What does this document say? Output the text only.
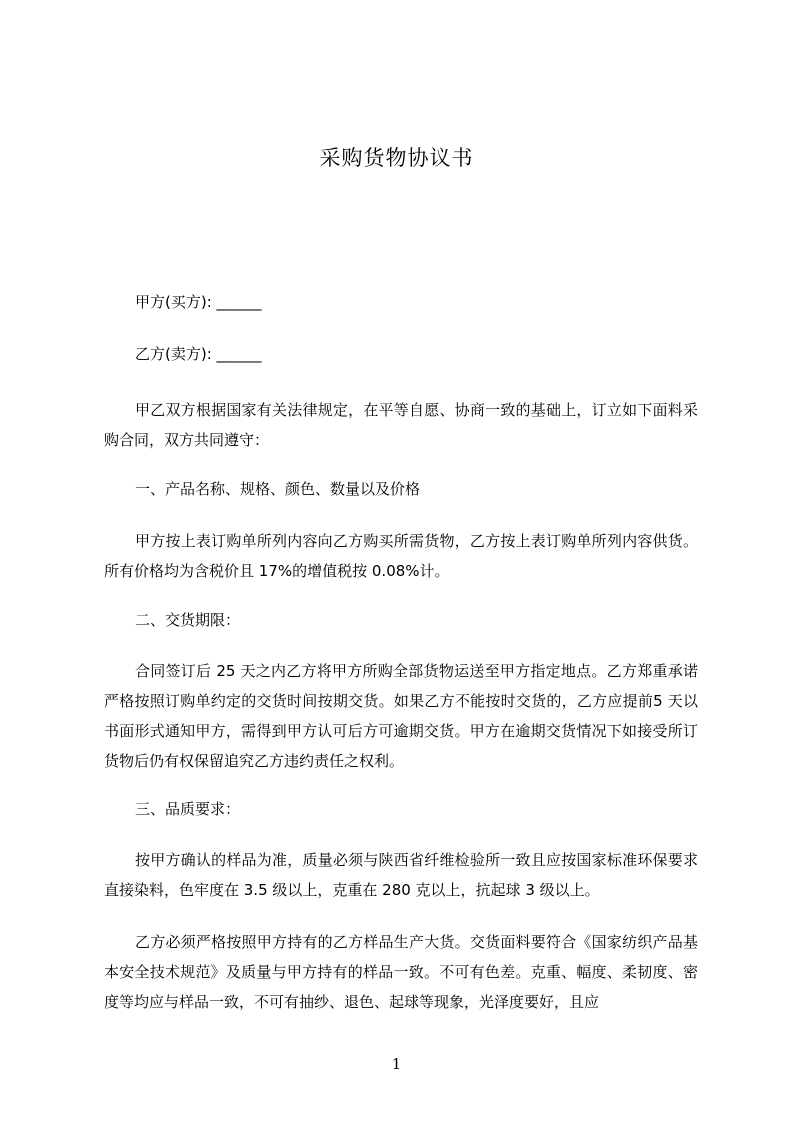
采购货物协议书

甲方(买方): ______

乙方(卖方): ______

甲乙双方根据国家有关法律规定，在平等自愿、协商一致的基础上，订立如下面料采购合同，双方共同遵守：

一、产品名称、规格、颜色、数量以及价格

甲方按上表订购单所列内容向乙方购买所需货物，乙方按上表订购单所列内容供货。所有价格均为含税价且 17%的增值税按 0.08%计。

二、交货期限：

合同签订后 25 天之内乙方将甲方所购全部货物运送至甲方指定地点。乙方郑重承诺严格按照订购单约定的交货时间按期交货。如果乙方不能按时交货的，乙方应提前5 天以书面形式通知甲方，需得到甲方认可后方可逾期交货。甲方在逾期交货情况下如接受所订货物后仍有权保留追究乙方违约责任之权利。

三、品质要求：

按甲方确认的样品为准，质量必须与陕西省纤维检验所一致且应按国家标准环保要求直接染料，色牢度在 3.5 级以上，克重在 280 克以上，抗起球 3 级以上。

乙方必须严格按照甲方持有的乙方样品生产大货。交货面料要符合《国家纺织产品基本安全技术规范》及质量与甲方持有的样品一致。不可有色差。克重、幅度、柔韧度、密度等均应与样品一致，不可有抽纱、退色、起球等现象，光泽度要好，且应

1
